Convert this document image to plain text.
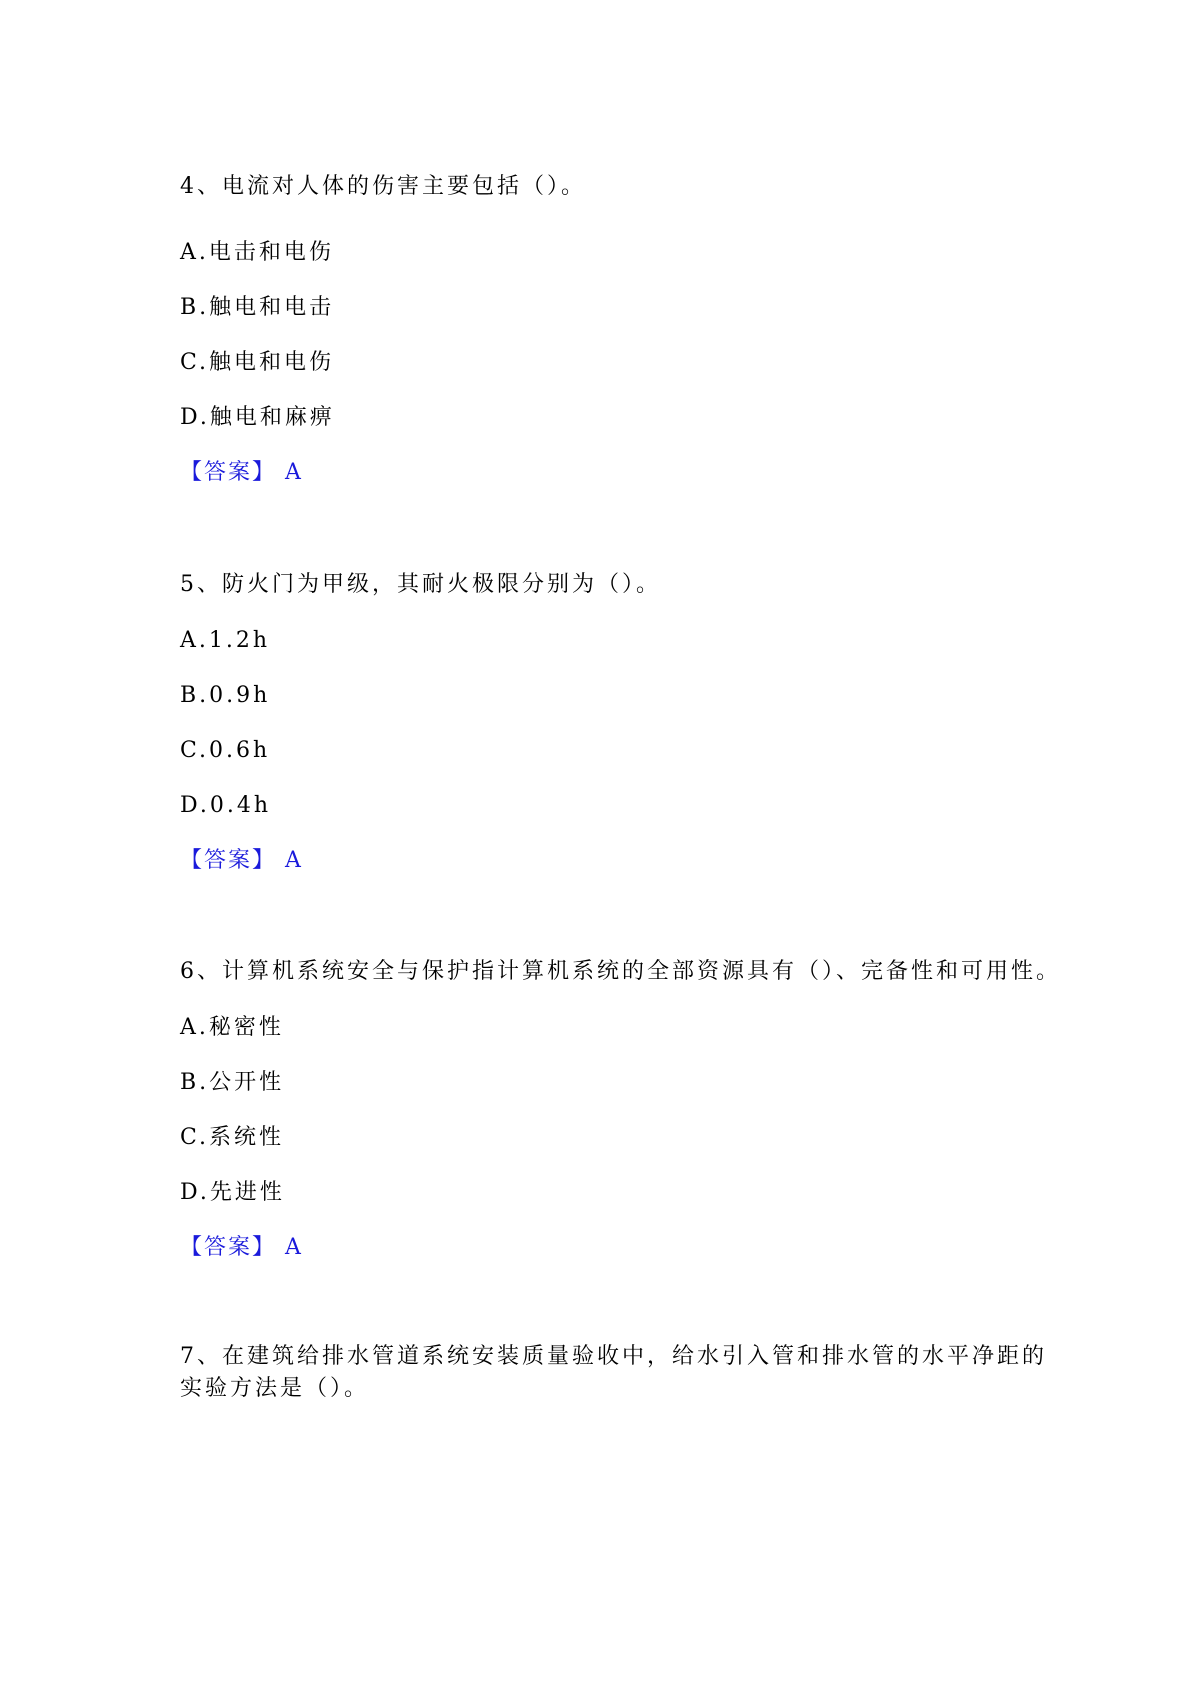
4、电流对人体的伤害主要包括（）。

A.电击和电伤

B.触电和电击

C.触电和电伤

D.触电和麻痹

【答案】 A

5、防火门为甲级，其耐火极限分别为（）。

A.1.2h

B.0.9h

C.0.6h

D.0.4h

【答案】 A

6、计算机系统安全与保护指计算机系统的全部资源具有（）、完备性和可用性。

A.秘密性

B.公开性

C.系统性

D.先进性

【答案】 A

7、在建筑给排水管道系统安装质量验收中，给水引入管和排水管的水平净距的

实验方法是（）。
